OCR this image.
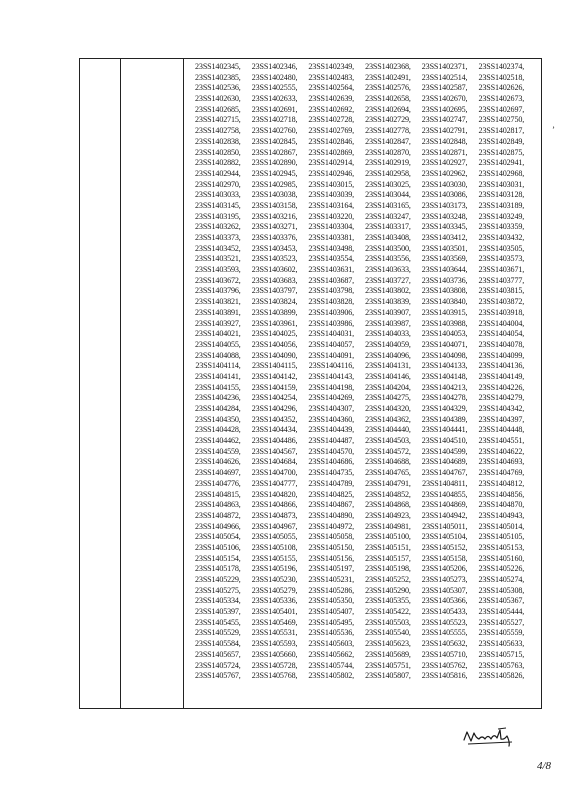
23SS1402345,	23SS1402346,	23SS1402349,	23SS1402368,	23SS1402371,	23SS1402374,
23SS1402385,	23SS1402480,	23SS1402483,	23SS1402491,	23SS1402514,	23SS1402518,
23SS1402536,	23SS1402555,	23SS1402564,	23SS1402576,	23SS1402587,	23SS1402626,
23SS1402630,	23SS1402633,	23SS1402639,	23SS1402658,	23SS1402670,	23SS1402673,
23SS1402685,	23SS1402691,	23SS1402692,	23SS1402694,	23SS1402695,	23SS1402697,
23SS1402715,	23SS1402718,	23SS1402728,	23SS1402729,	23SS1402747,	23SS1402750,
23SS1402758,	23SS1402760,	23SS1402769,	23SS1402778,	23SS1402791,	23SS1402817,
23SS1402838,	23SS1402845,	23SS1402846,	23SS1402847,	23SS1402848,	23SS1402849,
23SS1402850,	23SS1402867,	23SS1402869,	23SS1402870,	23SS1402871,	23SS1402875,
23SS1402882,	23SS1402890,	23SS1402914,	23SS1402919,	23SS1402927,	23SS1402941,
23SS1402944,	23SS1402945,	23SS1402946,	23SS1402958,	23SS1402962,	23SS1402968,
23SS1402970,	23SS1402985,	23SS1403015,	23SS1403025,	23SS1403030,	23SS1403031,
23SS1403033,	23SS1403038,	23SS1403039,	23SS1403044,	23SS1403086,	23SS1403128,
23SS1403145,	23SS1403158,	23SS1403164,	23SS1403165,	23SS1403173,	23SS1403189,
23SS1403195,	23SS1403216,	23SS1403220,	23SS1403247,	23SS1403248,	23SS1403249,
23SS1403262,	23SS1403271,	23SS1403304,	23SS1403317,	23SS1403345,	23SS1403359,
23SS1403373,	23SS1403376,	23SS1403381,	23SS1403408,	23SS1403412,	23SS1403432,
23SS1403452,	23SS1403453,	23SS1403498,	23SS1403500,	23SS1403501,	23SS1403505,
23SS1403521,	23SS1403523,	23SS1403554,	23SS1403556,	23SS1403569,	23SS1403573,
23SS1403593,	23SS1403602,	23SS1403631,	23SS1403633,	23SS1403644,	23SS1403671,
23SS1403672,	23SS1403683,	23SS1403687,	23SS1403727,	23SS1403736,	23SS1403777,
23SS1403796,	23SS1403797,	23SS1403798,	23SS1403802,	23SS1403808,	23SS1403815,
23SS1403821,	23SS1403824,	23SS1403828,	23SS1403839,	23SS1403840,	23SS1403872,
23SS1403891,	23SS1403899,	23SS1403906,	23SS1403907,	23SS1403915,	23SS1403918,
23SS1403927,	23SS1403961,	23SS1403986,	23SS1403987,	23SS1403988,	23SS1404004,
23SS1404021,	23SS1404025,	23SS1404031,	23SS1404033,	23SS1404053,	23SS1404054,
23SS1404055,	23SS1404056,	23SS1404057,	23SS1404059,	23SS1404071,	23SS1404078,
23SS1404088,	23SS1404090,	23SS1404091,	23SS1404096,	23SS1404098,	23SS1404099,
23SS1404114,	23SS1404115,	23SS1404116,	23SS1404131,	23SS1404133,	23SS1404136,
23SS1404141,	23SS1404142,	23SS1404143,	23SS1404146,	23SS1404148,	23SS1404149,
23SS1404155,	23SS1404159,	23SS1404198,	23SS1404204,	23SS1404213,	23SS1404226,
23SS1404236,	23SS1404254,	23SS1404269,	23SS1404275,	23SS1404278,	23SS1404279,
23SS1404284,	23SS1404296,	23SS1404307,	23SS1404320,	23SS1404329,	23SS1404342,
23SS1404350,	23SS1404352,	23SS1404360,	23SS1404362,	23SS1404389,	23SS1404397,
23SS1404428,	23SS1404434,	23SS1404439,	23SS1404440,	23SS1404441,	23SS1404448,
23SS1404462,	23SS1404486,	23SS1404487,	23SS1404503,	23SS1404510,	23SS1404551,
23SS1404559,	23SS1404567,	23SS1404570,	23SS1404572,	23SS1404599,	23SS1404622,
23SS1404626,	23SS1404684,	23SS1404686,	23SS1404688,	23SS1404689,	23SS1404693,
23SS1404697,	23SS1404700,	23SS1404735,	23SS1404765,	23SS1404767,	23SS1404769,
23SS1404776,	23SS1404777,	23SS1404789,	23SS1404791,	23SS1404811,	23SS1404812,
23SS1404815,	23SS1404820,	23SS1404825,	23SS1404852,	23SS1404855,	23SS1404856,
23SS1404863,	23SS1404866,	23SS1404867,	23SS1404868,	23SS1404869,	23SS1404870,
23SS1404872,	23SS1404873,	23SS1404890,	23SS1404923,	23SS1404942,	23SS1404943,
23SS1404966,	23SS1404967,	23SS1404972,	23SS1404981,	23SS1405011,	23SS1405014,
23SS1405054,	23SS1405055,	23SS1405058,	23SS1405100,	23SS1405104,	23SS1405105,
23SS1405106,	23SS1405108,	23SS1405150,	23SS1405151,	23SS1405152,	23SS1405153,
23SS1405154,	23SS1405155,	23SS1405156,	23SS1405157,	23SS1405158,	23SS1405160,
23SS1405178,	23SS1405196,	23SS1405197,	23SS1405198,	23SS1405206,	23SS1405226,
23SS1405229,	23SS1405230,	23SS1405231,	23SS1405252,	23SS1405273,	23SS1405274,
23SS1405275,	23SS1405279,	23SS1405286,	23SS1405290,	23SS1405307,	23SS1405308,
23SS1405334,	23SS1405336,	23SS1405350,	23SS1405355,	23SS1405366,	23SS1405367,
23SS1405397,	23SS1405401,	23SS1405407,	23SS1405422,	23SS1405433,	23SS1405444,
23SS1405455,	23SS1405469,	23SS1405495,	23SS1405503,	23SS1405523,	23SS1405527,
23SS1405529,	23SS1405531,	23SS1405536,	23SS1405540,	23SS1405555,	23SS1405559,
23SS1405584,	23SS1405593,	23SS1405603,	23SS1405623,	23SS1405632,	23SS1405633,
23SS1405657,	23SS1405660,	23SS1405662,	23SS1405689,	23SS1405710,	23SS1405715,
23SS1405724,	23SS1405728,	23SS1405744,	23SS1405751,	23SS1405762,	23SS1405763,
23SS1405767,	23SS1405768,	23SS1405802,	23SS1405807,	23SS1405816,	23SS1405826,
’
4/8
